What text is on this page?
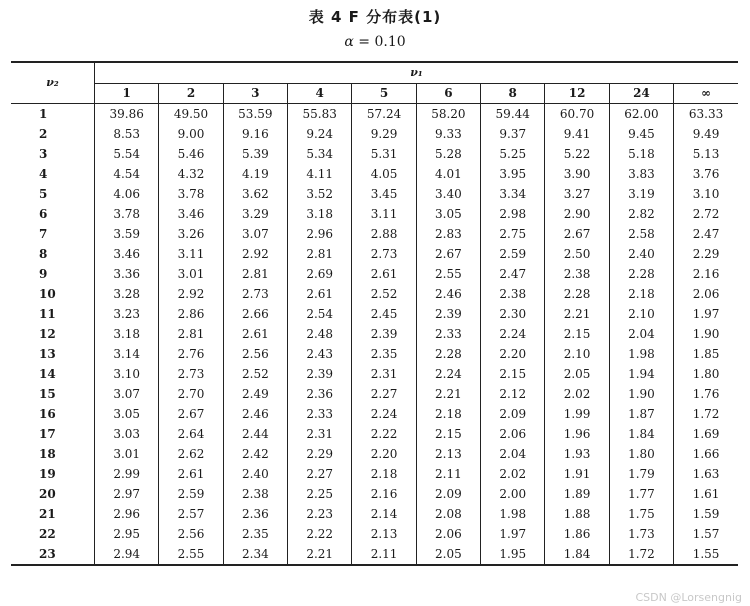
表 4 F 分布表(1)
α = 0.10
ν₂	ν₁									
	1	2	3	4	5	6	8	12	24	∞
1	39.86	49.50	53.59	55.83	57.24	58.20	59.44	60.70	62.00	63.33
2	8.53	9.00	9.16	9.24	9.29	9.33	9.37	9.41	9.45	9.49
3	5.54	5.46	5.39	5.34	5.31	5.28	5.25	5.22	5.18	5.13
4	4.54	4.32	4.19	4.11	4.05	4.01	3.95	3.90	3.83	3.76
5	4.06	3.78	3.62	3.52	3.45	3.40	3.34	3.27	3.19	3.10
6	3.78	3.46	3.29	3.18	3.11	3.05	2.98	2.90	2.82	2.72
7	3.59	3.26	3.07	2.96	2.88	2.83	2.75	2.67	2.58	2.47
8	3.46	3.11	2.92	2.81	2.73	2.67	2.59	2.50	2.40	2.29
9	3.36	3.01	2.81	2.69	2.61	2.55	2.47	2.38	2.28	2.16
10	3.28	2.92	2.73	2.61	2.52	2.46	2.38	2.28	2.18	2.06
11	3.23	2.86	2.66	2.54	2.45	2.39	2.30	2.21	2.10	1.97
12	3.18	2.81	2.61	2.48	2.39	2.33	2.24	2.15	2.04	1.90
13	3.14	2.76	2.56	2.43	2.35	2.28	2.20	2.10	1.98	1.85
14	3.10	2.73	2.52	2.39	2.31	2.24	2.15	2.05	1.94	1.80
15	3.07	2.70	2.49	2.36	2.27	2.21	2.12	2.02	1.90	1.76
16	3.05	2.67	2.46	2.33	2.24	2.18	2.09	1.99	1.87	1.72
17	3.03	2.64	2.44	2.31	2.22	2.15	2.06	1.96	1.84	1.69
18	3.01	2.62	2.42	2.29	2.20	2.13	2.04	1.93	1.80	1.66
19	2.99	2.61	2.40	2.27	2.18	2.11	2.02	1.91	1.79	1.63
20	2.97	2.59	2.38	2.25	2.16	2.09	2.00	1.89	1.77	1.61
21	2.96	2.57	2.36	2.23	2.14	2.08	1.98	1.88	1.75	1.59
22	2.95	2.56	2.35	2.22	2.13	2.06	1.97	1.86	1.73	1.57
23	2.94	2.55	2.34	2.21	2.11	2.05	1.95	1.84	1.72	1.55
CSDN @Lorsengnig
